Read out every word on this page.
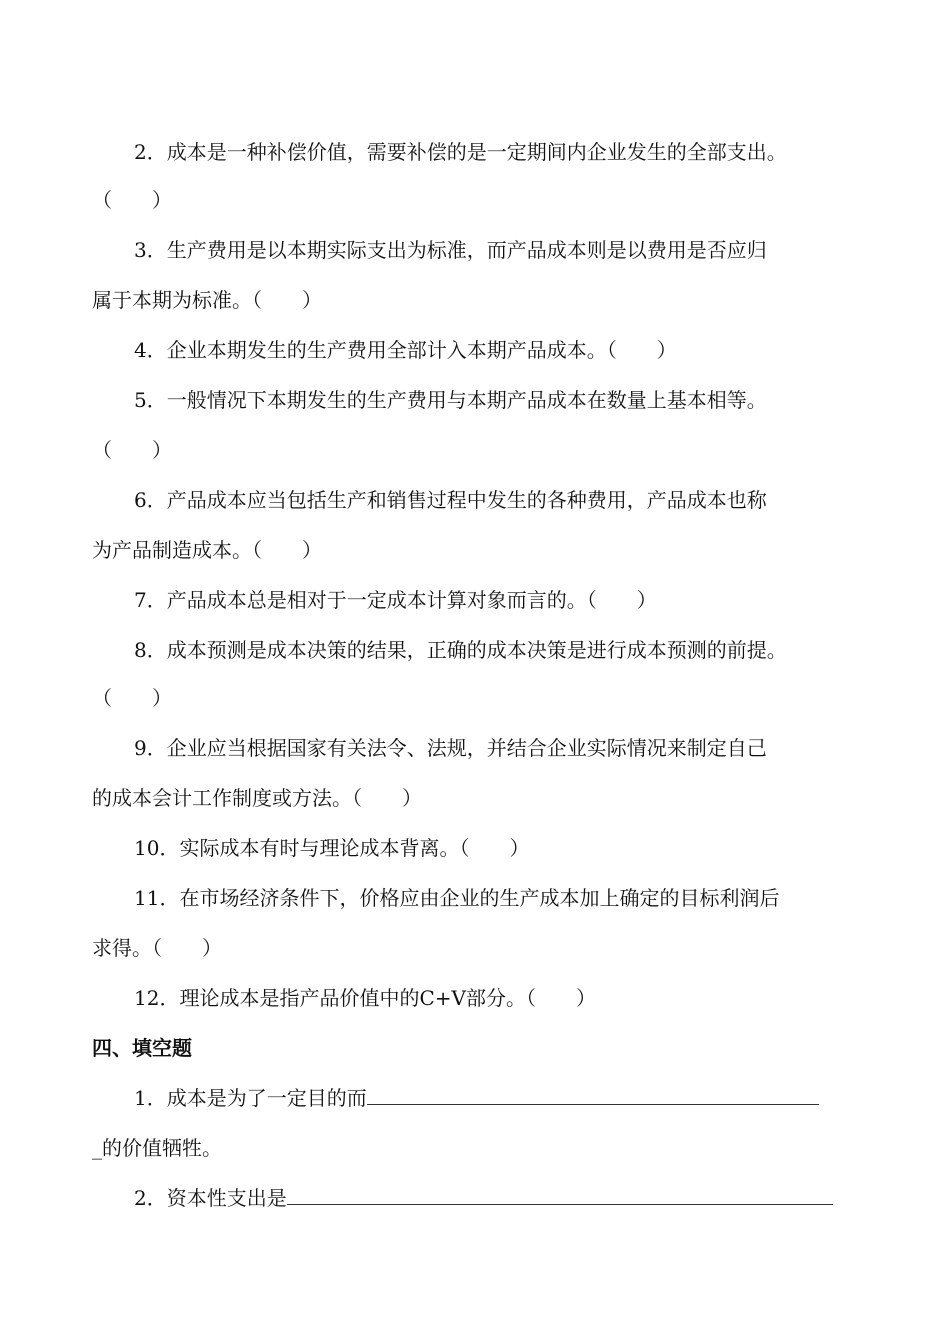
2．成本是一种补偿价值，需要补偿的是一定期间内企业发生的全部支出。
（　　）
3．生产费用是以本期实际支出为标准，而产品成本则是以费用是否应归
属于本期为标准。（　　）
4．企业本期发生的生产费用全部计入本期产品成本。（　　）
5．一般情况下本期发生的生产费用与本期产品成本在数量上基本相等。
（　　）
6．产品成本应当包括生产和销售过程中发生的各种费用，产品成本也称
为产品制造成本。（　　）
7．产品成本总是相对于一定成本计算对象而言的。（　　）
8．成本预测是成本决策的结果，正确的成本决策是进行成本预测的前提。
（　　）
9．企业应当根据国家有关法令、法规，并结合企业实际情况来制定自己
的成本会计工作制度或方法。（　　）
10．实际成本有时与理论成本背离。（　　）
11．在市场经济条件下，价格应由企业的生产成本加上确定的目标利润后
求得。（　　）
12．理论成本是指产品价值中的C+V部分。（　　）
四、填空题
1．成本是为了一定目的而
_的价值牺牲。
2．资本性支出是
